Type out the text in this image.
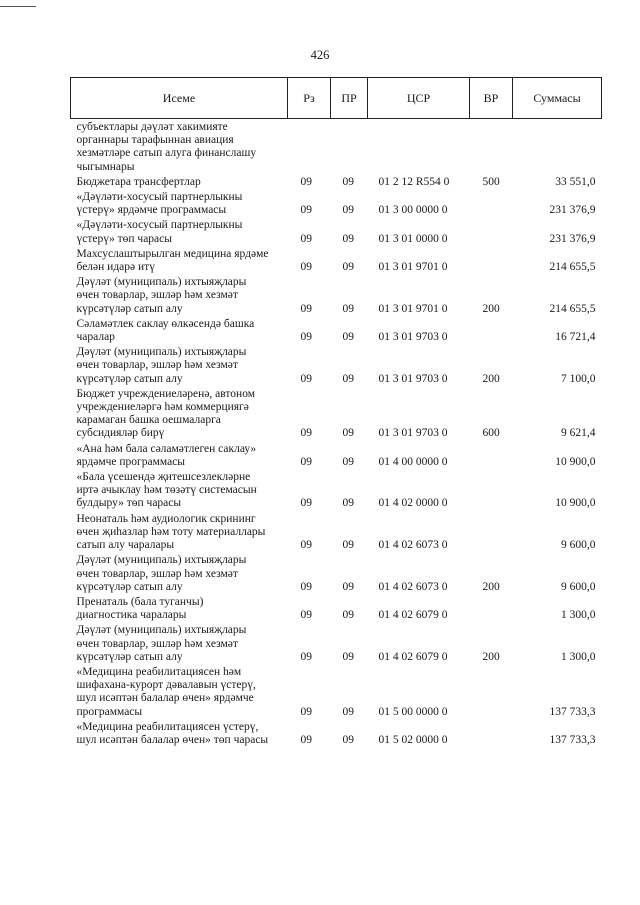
426
Исеме	Рз	ПР	ЦСР	ВР	Суммасы

субъектлары дәүләт хакимияте
органнары тарафыннан авиация
хезмәтләре сатып алуга финанслашу
чыгымнары					

Бюджетара трансфертлар	09	09	01 2 12 R554 0	500	33 551,0

«Дәүләти-хосусый партнерлыкны
үстерү» ярдәмче программасы	09	09	01 3 00 0000 0		231 376,9

«Дәүләти-хосусый партнерлыкны
үстерү» төп чарасы	09	09	01 3 01 0000 0		231 376,9

Махсуслаштырылган медицина ярдәме
белән идарә итү	09	09	01 3 01 9701 0		214 655,5

Дәүләт (муниципаль) ихтыяҗлары
өчен товарлар, эшләр һәм хезмәт
күрсәтүләр сатып алу	09	09	01 3 01 9701 0	200	214 655,5

Сәламәтлек саклау өлкәсендә башка
чаралар	09	09	01 3 01 9703 0		16 721,4

Дәүләт (муниципаль) ихтыяҗлары
өчен товарлар, эшләр һәм хезмәт
күрсәтүләр сатып алу	09	09	01 3 01 9703 0	200	7 100,0

Бюджет учреждениеләренә, автоном
учреждениеләргә һәм коммерциягә
карамаган башка оешмаларга
субсидияләр бирү	09	09	01 3 01 9703 0	600	9 621,4

«Ана һәм бала сәламәтлеген саклау»
ярдәмче программасы	09	09	01 4 00 0000 0		10 900,0

«Бала үсешендә җитешсезлекләрне
иртә ачыклау һәм төзәтү системасын
булдыру» төп чарасы	09	09	01 4 02 0000 0		10 900,0

Неонаталь һәм аудиологик скрининг
өчен җиһазлар һәм тоту материаллары
сатып алу чаралары	09	09	01 4 02 6073 0		9 600,0

Дәүләт (муниципаль) ихтыяҗлары
өчен товарлар, эшләр һәм хезмәт
күрсәтүләр сатып алу	09	09	01 4 02 6073 0	200	9 600,0

Пренаталь (бала туганчы)
диагностика чаралары	09	09	01 4 02 6079 0		1 300,0

Дәүләт (муниципаль) ихтыяҗлары
өчен товарлар, эшләр һәм хезмәт
күрсәтүләр сатып алу	09	09	01 4 02 6079 0	200	1 300,0

«Медицина реабилитациясен һәм
шифахана-курорт дәвалавын үстерү,
шул исәптән балалар өчен» ярдәмче
программасы	09	09	01 5 00 0000 0		137 733,3

«Медицина реабилитациясен үстерү,
шул исәптән балалар өчен» төп чарасы	09	09	01 5 02 0000 0		137 733,3
